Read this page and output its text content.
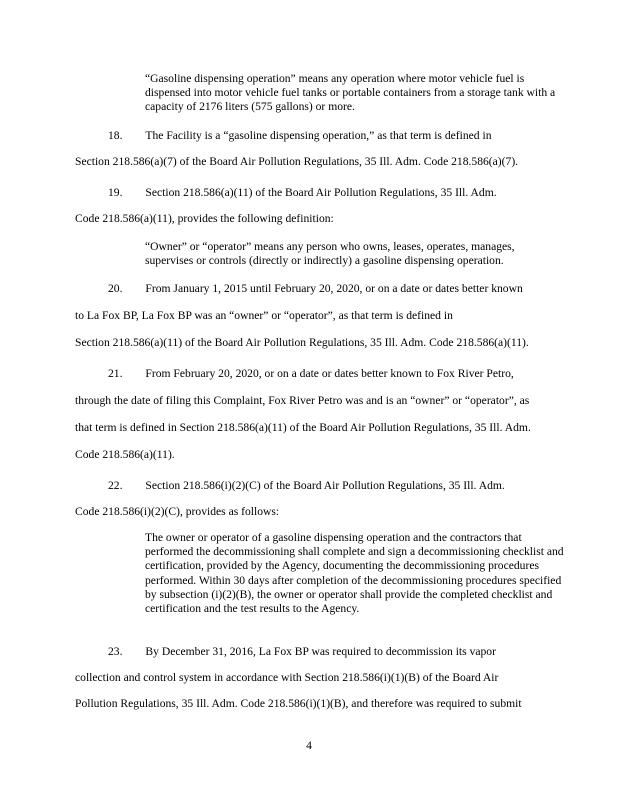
“Gasoline dispensing operation” means any operation where motor vehicle fuel is dispensed into motor vehicle fuel tanks or portable containers from a storage tank with a capacity of 2176 liters (575 gallons) or more.
18. The Facility is a “gasoline dispensing operation,” as that term is defined in
Section 218.586(a)(7) of the Board Air Pollution Regulations, 35 Ill. Adm. Code 218.586(a)(7).
19. Section 218.586(a)(11) of the Board Air Pollution Regulations, 35 Ill. Adm.
Code 218.586(a)(11), provides the following definition:
“Owner” or “operator” means any person who owns, leases, operates, manages, supervises or controls (directly or indirectly) a gasoline dispensing operation.
20. From January 1, 2015 until February 20, 2020, or on a date or dates better known
to La Fox BP, La Fox BP was an “owner” or “operator”, as that term is defined in
Section 218.586(a)(11) of the Board Air Pollution Regulations, 35 Ill. Adm. Code 218.586(a)(11).
21. From February 20, 2020, or on a date or dates better known to Fox River Petro,
through the date of filing this Complaint, Fox River Petro was and is an “owner” or “operator”, as
that term is defined in Section 218.586(a)(11) of the Board Air Pollution Regulations, 35 Ill. Adm.
Code 218.586(a)(11).
22. Section 218.586(i)(2)(C) of the Board Air Pollution Regulations, 35 Ill. Adm.
Code 218.586(i)(2)(C), provides as follows:
The owner or operator of a gasoline dispensing operation and the contractors that performed the decommissioning shall complete and sign a decommissioning checklist and certification, provided by the Agency, documenting the decommissioning procedures performed. Within 30 days after completion of the decommissioning procedures specified by subsection (i)(2)(B), the owner or operator shall provide the completed checklist and certification and the test results to the Agency.
23. By December 31, 2016, La Fox BP was required to decommission its vapor
collection and control system in accordance with Section 218.586(i)(1)(B) of the Board Air
Pollution Regulations, 35 Ill. Adm. Code 218.586(i)(1)(B), and therefore was required to submit
4
